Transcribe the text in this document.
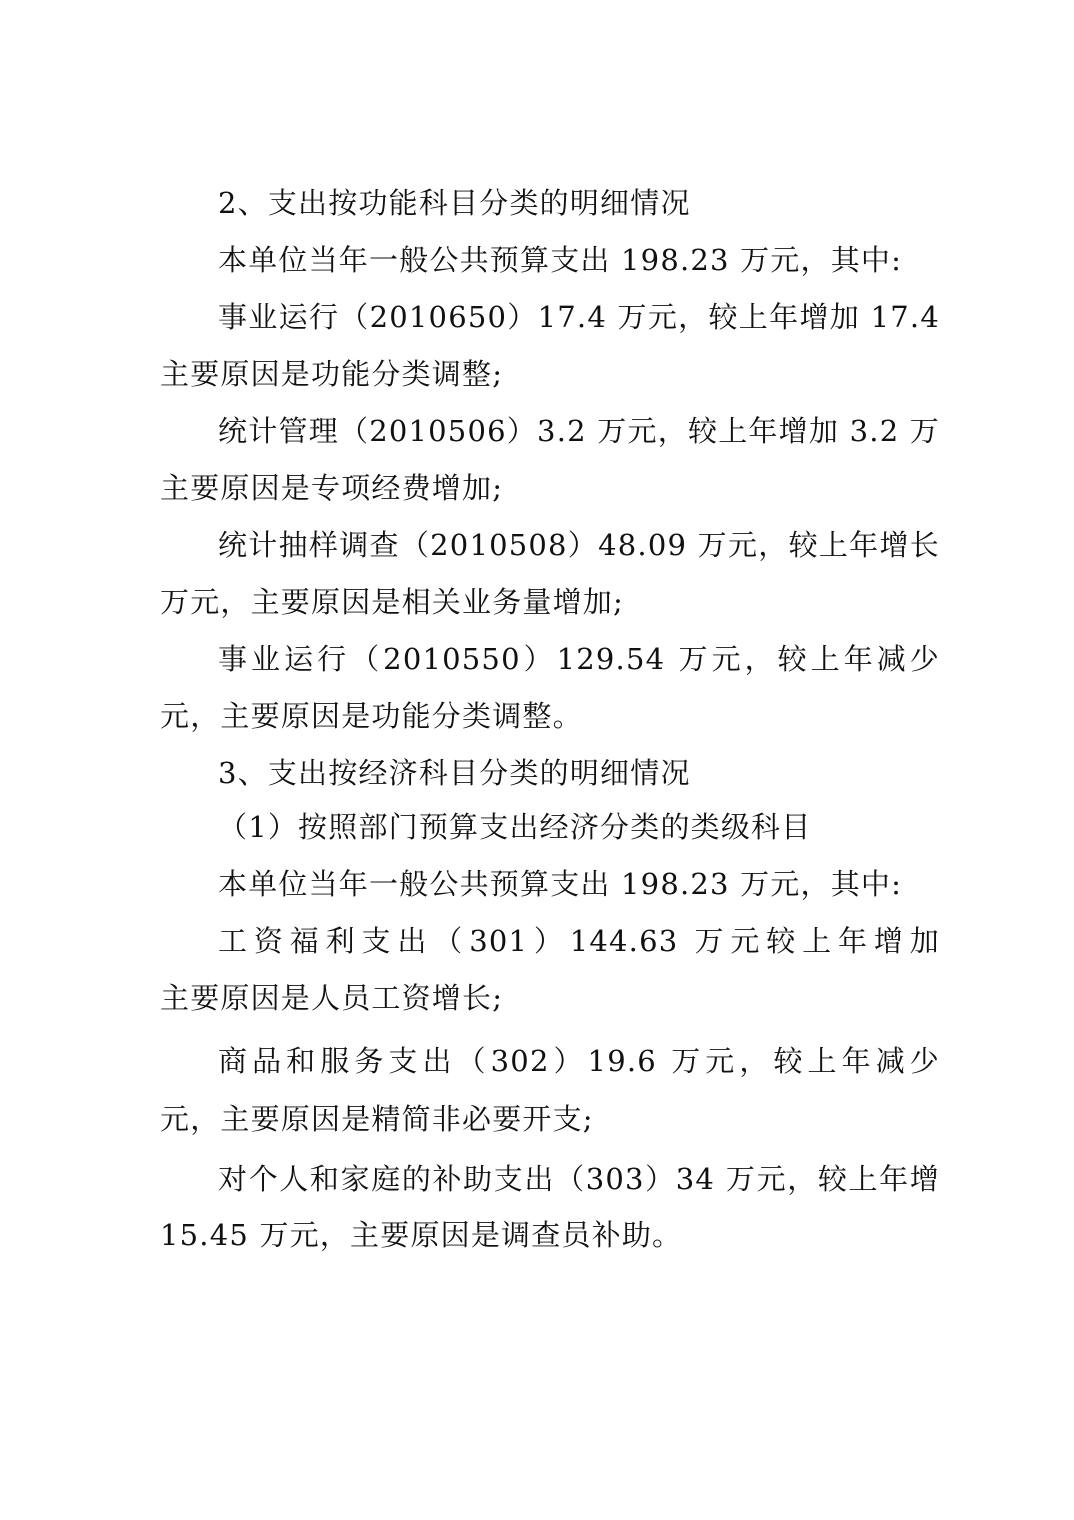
2、支出按功能科目分类的明细情况
本单位当年一般公共预算支出 198.23 万元，其中:
事业运行（2010650）17.4 万元，较上年增加 17.4
主要原因是功能分类调整;
统计管理（2010506）3.2 万元，较上年增加 3.2 万
主要原因是专项经费增加;
统计抽样调查（2010508）48.09 万元，较上年增长
万元，主要原因是相关业务量增加;
事业运行（2010550）129.54 万元，较上年减少
元，主要原因是功能分类调整。
3、支出按经济科目分类的明细情况
（1）按照部门预算支出经济分类的类级科目
本单位当年一般公共预算支出 198.23 万元，其中:
工资福利支出（301）144.63 万元较上年增加
主要原因是人员工资增长;
商品和服务支出（302）19.6 万元，较上年减少
元，主要原因是精简非必要开支;
对个人和家庭的补助支出（303）34 万元，较上年增
15.45 万元，主要原因是调查员补助。
